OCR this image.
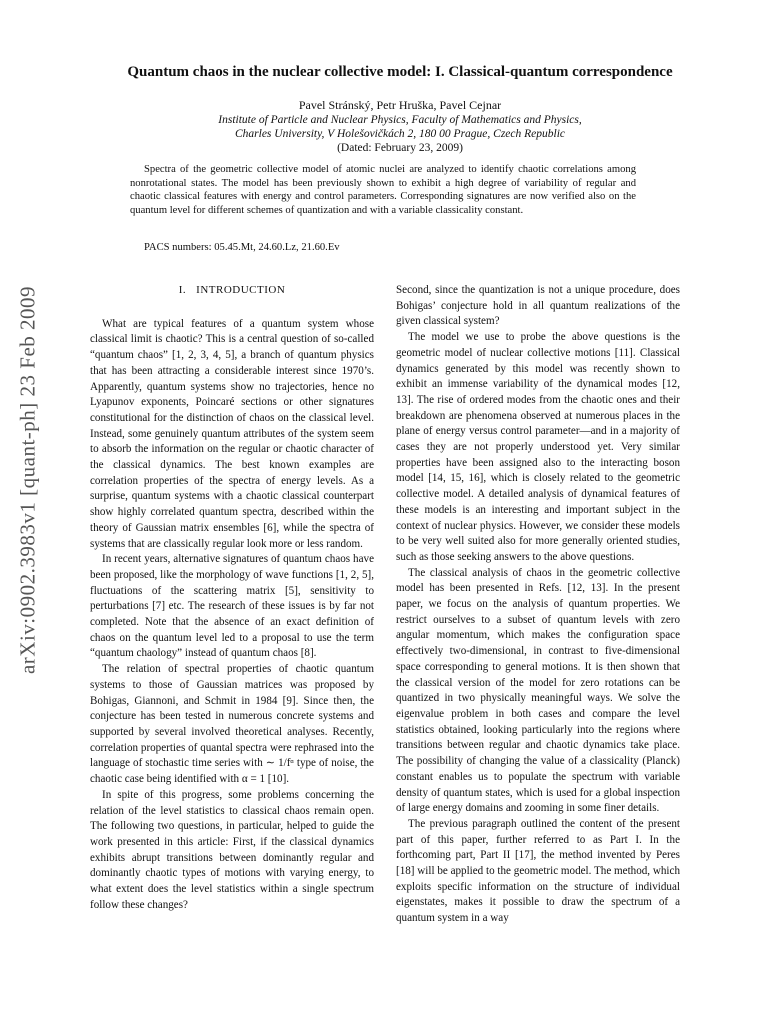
arXiv:0902.3983v1 [quant-ph] 23 Feb 2009
Quantum chaos in the nuclear collective model: I. Classical-quantum correspondence

Pavel Stránský, Petr Hruška, Pavel Cejnar

Institute of Particle and Nuclear Physics, Faculty of Mathematics and Physics,

Charles University, V Holešovičkách 2, 180 00 Prague, Czech Republic

(Dated: February 23, 2009)

Spectra of the geometric collective model of atomic nuclei are analyzed to identify chaotic correlations among nonrotational states. The model has been previously shown to exhibit a high degree of variability of regular and chaotic classical features with energy and control parameters. Corresponding signatures are now verified also on the quantum level for different schemes of quantization and with a variable classicality constant.

PACS numbers: 05.45.Mt, 24.60.Lz, 21.60.Ev

I. INTRODUCTION

What are typical features of a quantum system whose classical limit is chaotic? This is a central question of so-called “quantum chaos” [1, 2, 3, 4, 5], a branch of quantum physics that has been attracting a considerable interest since 1970’s. Apparently, quantum systems show no trajectories, hence no Lyapunov exponents, Poincaré sections or other signatures constitutional for the distinction of chaos on the classical level. Instead, some genuinely quantum attributes of the system seem to absorb the information on the regular or chaotic character of the classical dynamics. The best known examples are correlation properties of the spectra of energy levels. As a surprise, quantum systems with a chaotic classical counterpart show highly correlated quantum spectra, described within the theory of Gaussian matrix ensembles [6], while the spectra of systems that are classically regular look more or less random.

In recent years, alternative signatures of quantum chaos have been proposed, like the morphology of wave functions [1, 2, 5], fluctuations of the scattering matrix [5], sensitivity to perturbations [7] etc. The research of these issues is by far not completed. Note that the absence of an exact definition of chaos on the quantum level led to a proposal to use the term “quantum chaology” instead of quantum chaos [8].

The relation of spectral properties of chaotic quantum systems to those of Gaussian matrices was proposed by Bohigas, Giannoni, and Schmit in 1984 [9]. Since then, the conjecture has been tested in numerous concrete systems and supported by several involved theoretical analyses. Recently, correlation properties of quantal spectra were rephrased into the language of stochastic time series with ∼ 1/fᵅ type of noise, the chaotic case being identified with α = 1 [10].

In spite of this progress, some problems concerning the relation of the level statistics to classical chaos remain open. The following two questions, in particular, helped to guide the work presented in this article: First, if the classical dynamics exhibits abrupt transitions between dominantly regular and dominantly chaotic types of motions with varying energy, to what extent does the level statistics within a single spectrum follow these changes?

Second, since the quantization is not a unique procedure, does Bohigas’ conjecture hold in all quantum realizations of the given classical system?

The model we use to probe the above questions is the geometric model of nuclear collective motions [11]. Classical dynamics generated by this model was recently shown to exhibit an immense variability of the dynamical modes [12, 13]. The rise of ordered modes from the chaotic ones and their breakdown are phenomena observed at numerous places in the plane of energy versus control parameter—and in a majority of cases they are not properly understood yet. Very similar properties have been assigned also to the interacting boson model [14, 15, 16], which is closely related to the geometric collective model. A detailed analysis of dynamical features of these models is an interesting and important subject in the context of nuclear physics. However, we consider these models to be very well suited also for more generally oriented studies, such as those seeking answers to the above questions.

The classical analysis of chaos in the geometric collective model has been presented in Refs. [12, 13]. In the present paper, we focus on the analysis of quantum properties. We restrict ourselves to a subset of quantum levels with zero angular momentum, which makes the configuration space effectively two-dimensional, in contrast to five-dimensional space corresponding to general motions. It is then shown that the classical version of the model for zero rotations can be quantized in two physically meaningful ways. We solve the eigenvalue problem in both cases and compare the level statistics obtained, looking particularly into the regions where transitions between regular and chaotic dynamics take place. The possibility of changing the value of a classicality (Planck) constant enables us to populate the spectrum with variable density of quantum states, which is used for a global inspection of large energy domains and zooming in some finer details.

The previous paragraph outlined the content of the present part of this paper, further referred to as Part I. In the forthcoming part, Part II [17], the method invented by Peres [18] will be applied to the geometric model. The method, which exploits specific information on the structure of individual eigenstates, makes it possible to draw the spectrum of a quantum system in a way
